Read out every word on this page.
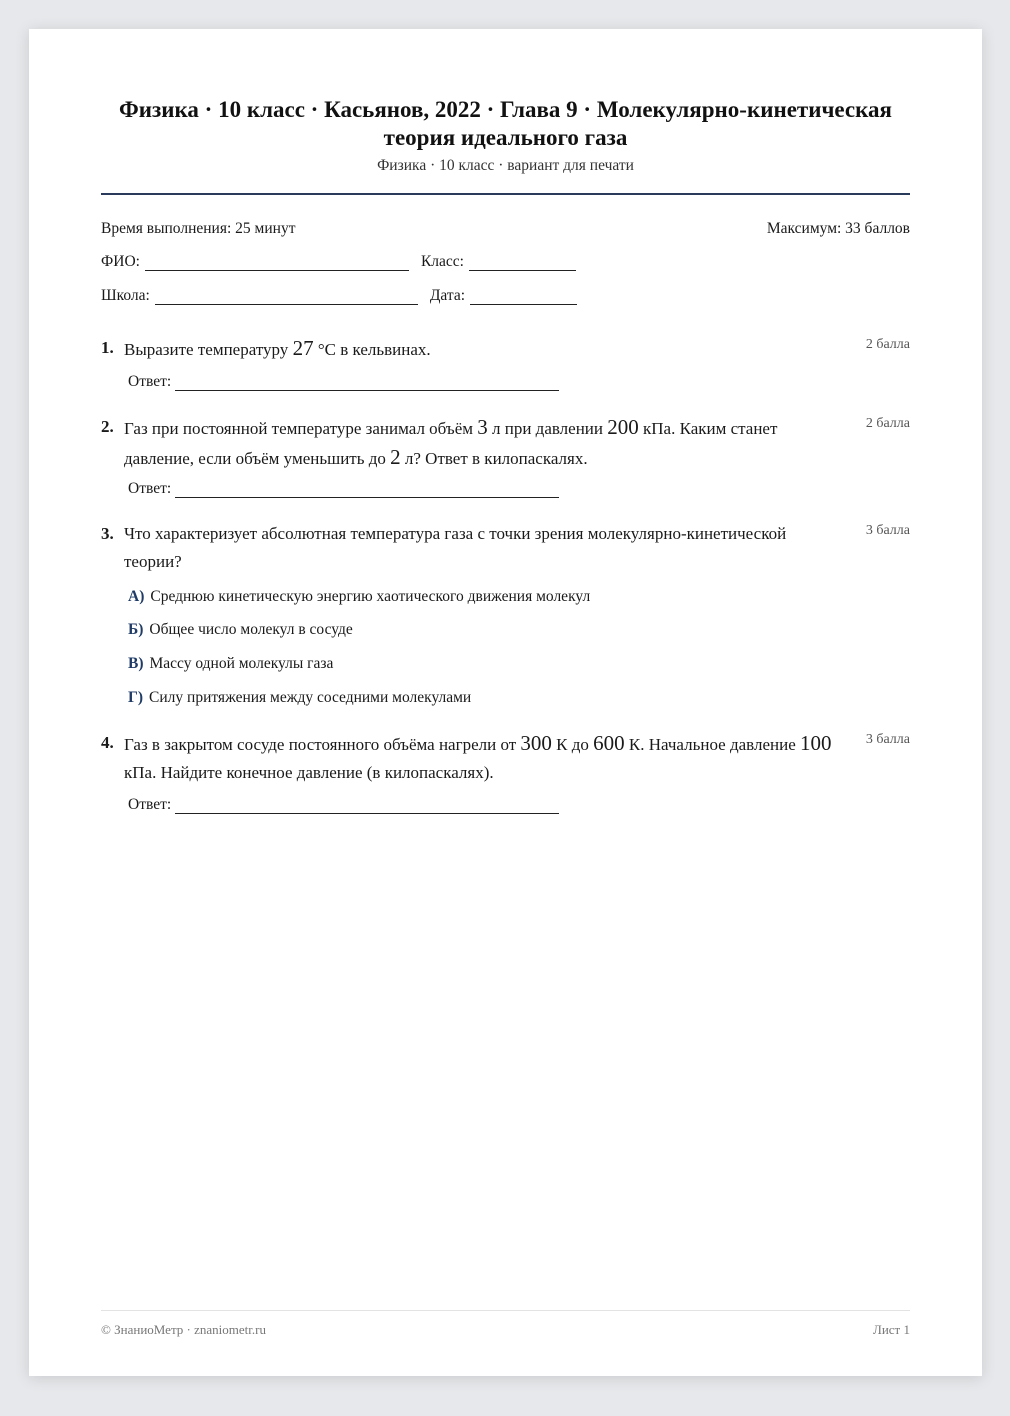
Физика · 10 класс · Касьянов, 2022 · Глава 9 · Молекулярно-кинетическая теория идеального газа
Физика · 10 класс · вариант для печати
Время выполнения: 25 минут	Максимум: 33 баллов
ФИО:	Класс:
Школа:	Дата:
1. Выразите температуру 27 °C в кельвинах.	2 балла
Ответ:
2. Газ при постоянной температуре занимал объём 3 л при давлении 200 кПа. Каким станет давление, если объём уменьшить до 2 л? Ответ в килопаскалях.
2 балла
Ответ:
3. Что характеризует абсолютная температура газа с точки зрения молекулярно-кинетической теории?
3 балла
А) Среднюю кинетическую энергию хаотического движения молекул
Б) Общее число молекул в сосуде
В) Массу одной молекулы газа
Г) Силу притяжения между соседними молекулами
4. Газ в закрытом сосуде постоянного объёма нагрели от 300 К до 600 К. Начальное давление 100 кПа. Найдите конечное давление (в килопаскалях).
3 балла
Ответ:
© ЗнаниоМетр · znaniometr.ru	Лист 1
